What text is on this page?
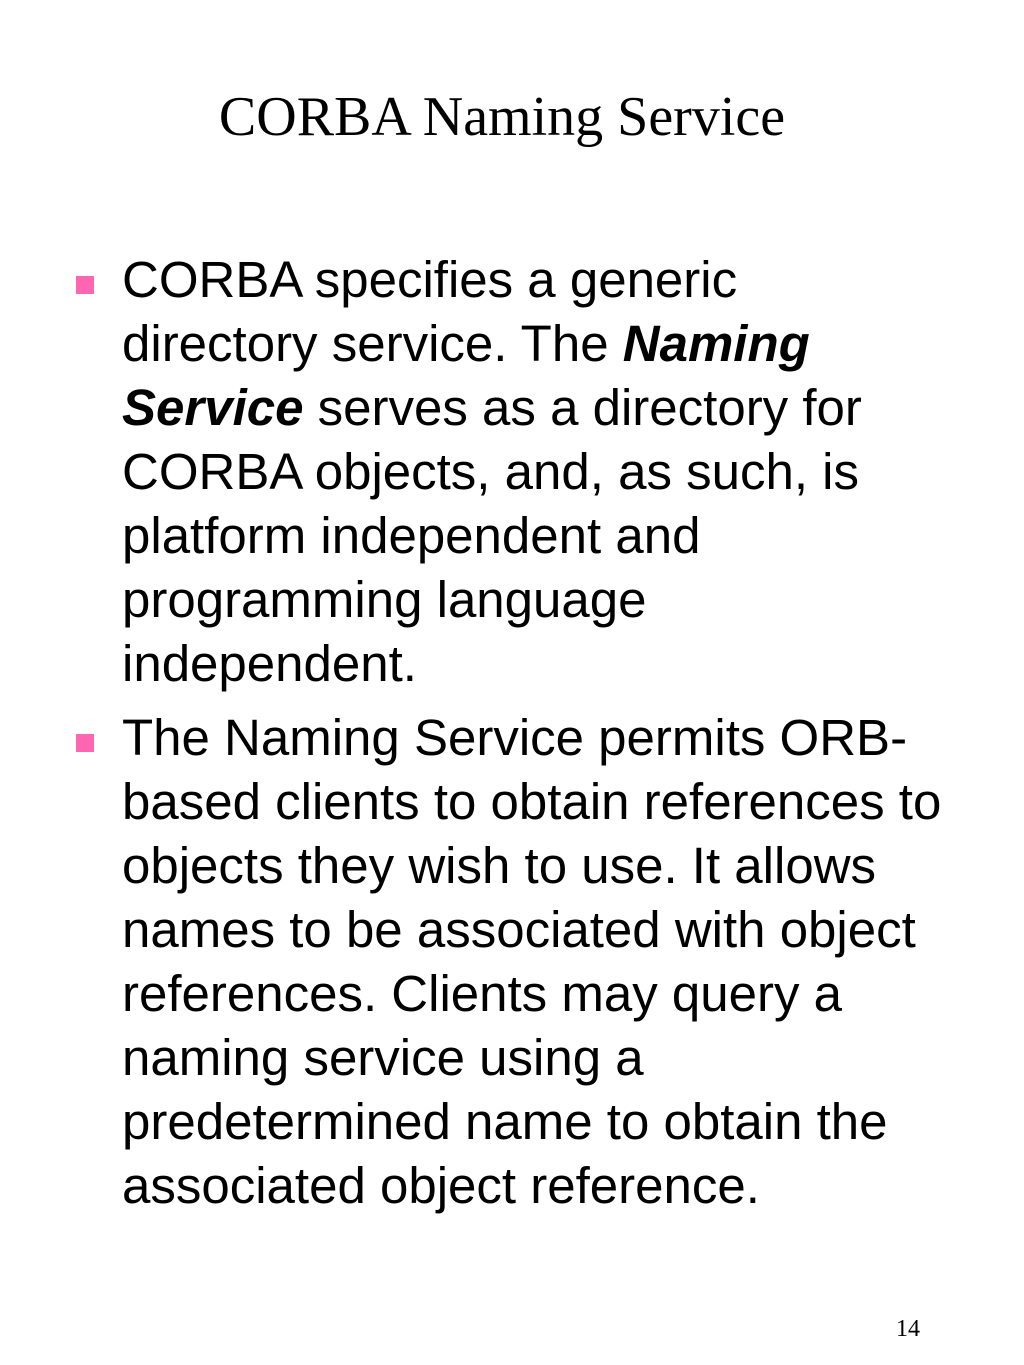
CORBA Naming Service
CORBA specifies a generic directory service. The Naming Service serves as a directory for CORBA objects, and, as such, is platform independent and programming language independent.
The Naming Service permits ORB-based clients to obtain references to objects they wish to use. It allows names to be associated with object references. Clients may query a naming service using a predetermined name to obtain the associated object reference.
14
